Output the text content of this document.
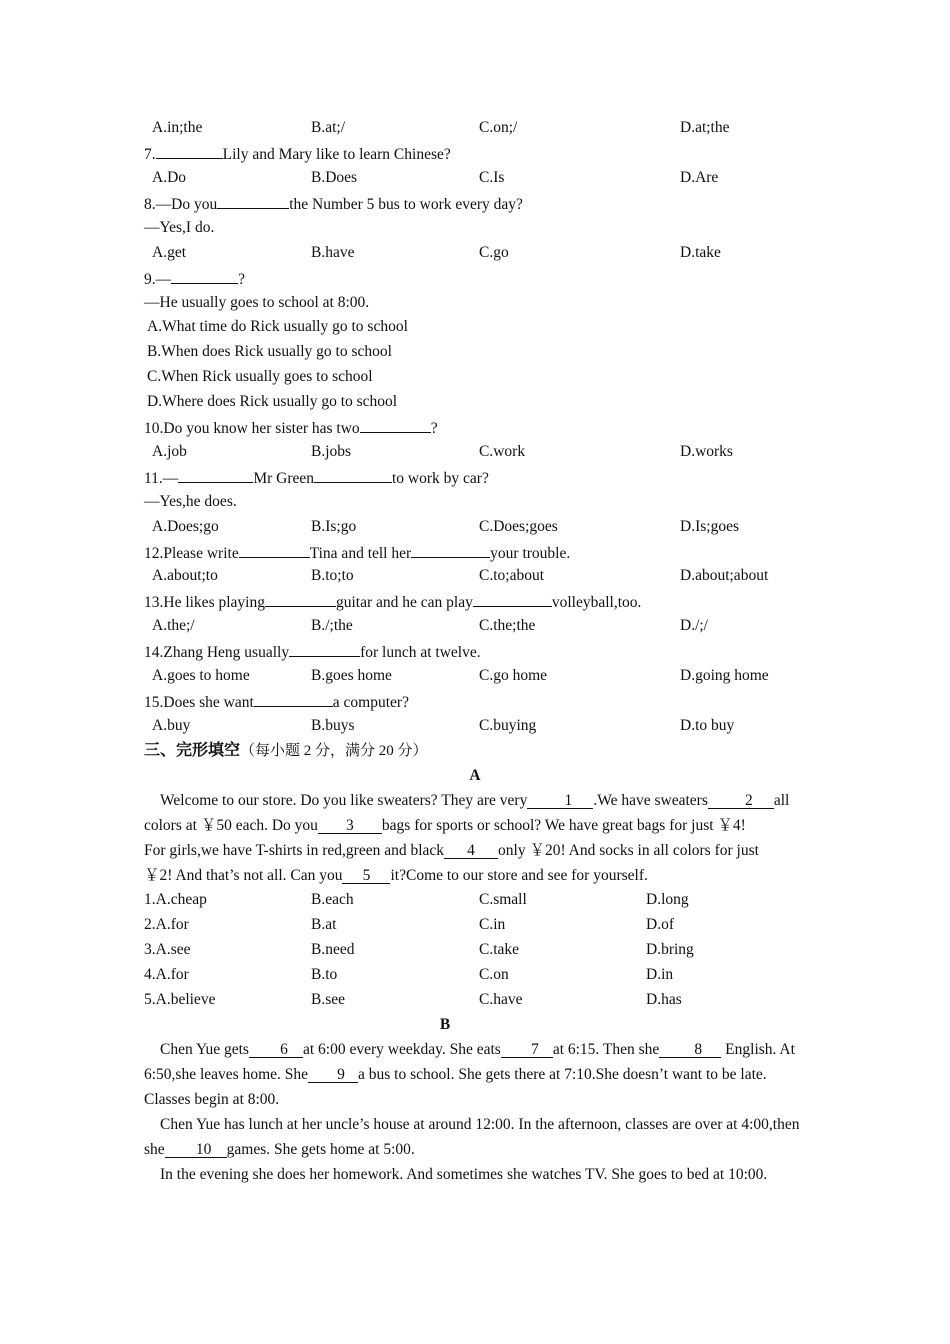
A.in;the	B.at;/	C.on;/	D.at;the
7.	Lily and Mary like to learn Chinese?
A.Do	B.Does	C.Is	D.Are
8.—Do you	the Number 5 bus to work every day?
—Yes,I do.
A.get	B.have	C.go	D.take
9.—	?
—He usually goes to school at 8:00.
A.What time do Rick usually go to school
B.When does Rick usually go to school
C.When Rick usually goes to school
D.Where does Rick usually go to school
10.Do you know her sister has two	?
A.job	B.jobs	C.work	D.works
11.—	Mr Green	to work by car?
—Yes,he does.
A.Does;go	B.Is;go	C.Does;goes	D.Is;goes
12.Please write	Tina and tell her	your trouble.
A.about;to	B.to;to	C.to;about	D.about;about
13.He likes playing	guitar and he can play	volleyball,too.
A.the;/	B./;the	C.the;the	D./;/
14.Zhang Heng usually	for lunch at twelve.
A.goes to home	B.goes home	C.go home	D.going home
15.Does she want	a computer?
A.buy	B.buys	C.buying	D.to buy
三、完形填空（每小题 2 分，满分 20 分）
A
Welcome to our store. Do you like sweaters? They are very 1 .We have sweaters 2 all
colors at ￥50 each. Do you 3 bags for sports or school? We have great bags for just ￥4!
For girls,we have T-shirts in red,green and black 4 only ￥20! And socks in all colors for just
￥2! And that’s not all. Can you 5 it?Come to our store and see for yourself.
1.A.cheap	B.each	C.small	D.long
2.A.for	B.at	C.in	D.of
3.A.see	B.need	C.take	D.bring
4.A.for	B.to	C.on	D.in
5.A.believe	B.see	C.have	D.has
B

Chen Yue gets 6 at 6:00 every weekday. She eats 7 at 6:15. Then she 8 English. At 6:50,she leaves home. She 9 a bus to school. She gets there at 7:10.She doesn’t want to be late. Classes begin at 8:00.

Chen Yue has lunch at her uncle’s house at around 12:00. In the afternoon, classes are over at 4:00,then she 10 games. She gets home at 5:00.

In the evening she does her homework. And sometimes she watches TV. She goes to bed at 10:00.
